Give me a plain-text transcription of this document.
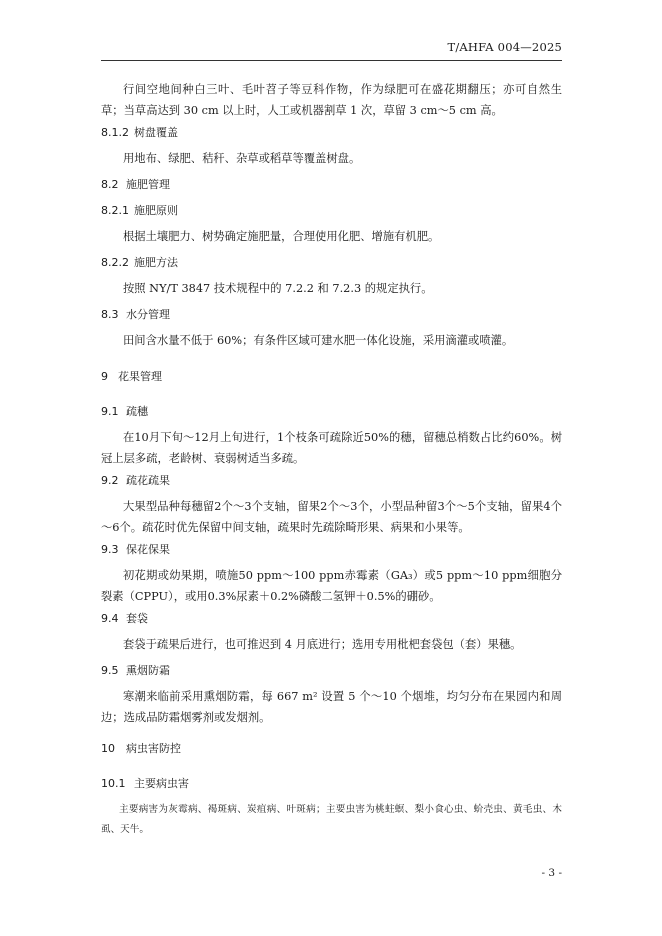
T/AHFA 004—2025
行间空地间种白三叶、毛叶苕子等豆科作物，作为绿肥可在盛花期翻压；亦可自然生草；当草高达到 30 cm 以上时，人工或机器割草 1 次，草留 3 cm～5 cm 高。
8.1.2 树盘覆盖
用地布、绿肥、秸秆、杂草或稻草等覆盖树盘。
8.2 施肥管理
8.2.1 施肥原则
根据土壤肥力、树势确定施肥量，合理使用化肥、增施有机肥。
8.2.2 施肥方法
按照 NY/T 3847 技术规程中的 7.2.2 和 7.2.3 的规定执行。
8.3 水分管理
田间含水量不低于 60%；有条件区域可建水肥一体化设施，采用滴灌或喷灌。
9 花果管理
9.1 疏穗
在10月下旬～12月上旬进行，1个枝条可疏除近50%的穗，留穗总梢数占比约60%。树冠上层多疏，老龄树、衰弱树适当多疏。
9.2 疏花疏果
大果型品种每穗留2个～3个支轴，留果2个～3个，小型品种留3个～5个支轴，留果4个～6个。疏花时优先保留中间支轴，疏果时先疏除畸形果、病果和小果等。
9.3 保花保果
初花期或幼果期，喷施50 ppm～100 ppm赤霉素（GA₃）或5 ppm～10 ppm细胞分裂素（CPPU），或用0.3%尿素＋0.2%磷酸二氢钾＋0.5%的硼砂。
9.4 套袋
套袋于疏果后进行，也可推迟到 4 月底进行；选用专用枇杷套袋包（套）果穗。
9.5 熏烟防霜
寒潮来临前采用熏烟防霜，每 667 m² 设置 5 个～10 个烟堆，均匀分布在果园内和周边；选成品防霜烟雾剂或发烟剂。
10 病虫害防控
10.1 主要病虫害
主要病害为灰霉病、褐斑病、炭疽病、叶斑病；主要虫害为桃蛀螟、梨小食心虫、蚧壳虫、黄毛虫、木虱、天牛。
- 3 -
